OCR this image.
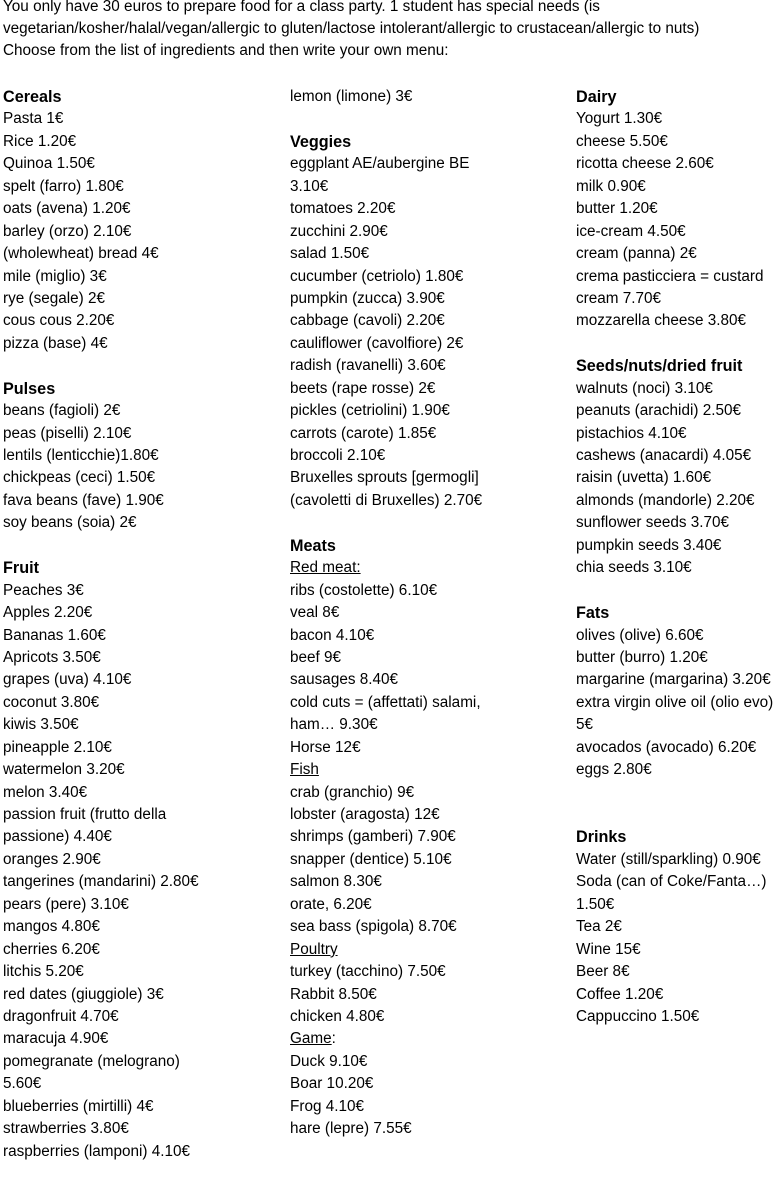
You only have 30 euros to prepare food for a class party. 1 student has special needs (is
vegetarian/kosher/halal/vegan/allergic to gluten/lactose intolerant/allergic to crustacean/allergic to nuts)
Choose from the list of ingredients and then write your own menu:
Cereals
Pasta 1€
Rice 1.20€
Quinoa 1.50€
spelt (farro) 1.80€
oats (avena) 1.20€
barley (orzo) 2.10€
(wholewheat) bread 4€
mile (miglio) 3€
rye (segale) 2€
cous cous 2.20€
pizza (base) 4€
Pulses
beans (fagioli) 2€
peas (piselli) 2.10€
lentils (lenticchie)1.80€
chickpeas (ceci) 1.50€
fava beans (fave) 1.90€
soy beans (soia) 2€
Fruit
Peaches 3€
Apples 2.20€
Bananas 1.60€
Apricots 3.50€
grapes (uva) 4.10€
coconut 3.80€
kiwis 3.50€
pineapple 2.10€
watermelon 3.20€
melon 3.40€
passion fruit (frutto della
passione) 4.40€
oranges 2.90€
tangerines (mandarini) 2.80€
pears (pere) 3.10€
mangos 4.80€
cherries 6.20€
litchis 5.20€
red dates (giuggiole) 3€
dragonfruit 4.70€
maracuja 4.90€
pomegranate (melograno)
5.60€
blueberries (mirtilli) 4€
strawberries 3.80€
raspberries (lamponi) 4.10€
lemon (limone) 3€
Veggies
eggplant AE/aubergine BE
3.10€
tomatoes 2.20€
zucchini 2.90€
salad 1.50€
cucumber (cetriolo) 1.80€
pumpkin (zucca) 3.90€
cabbage (cavoli) 2.20€
cauliflower (cavolfiore) 2€
radish (ravanelli) 3.60€
beets (rape rosse) 2€
pickles (cetriolini) 1.90€
carrots (carote) 1.85€
broccoli 2.10€
Bruxelles sprouts [germogli]
(cavoletti di Bruxelles) 2.70€
Meats
Red meat:
ribs (costolette) 6.10€
veal 8€
bacon 4.10€
beef 9€
sausages 8.40€
cold cuts = (affettati) salami,
ham… 9.30€
Horse 12€
Fish
crab (granchio) 9€
lobster (aragosta) 12€
shrimps (gamberi) 7.90€
snapper (dentice) 5.10€
salmon 8.30€
orate, 6.20€
sea bass (spigola) 8.70€
Poultry
turkey (tacchino) 7.50€
Rabbit 8.50€
chicken 4.80€
Game:
Duck 9.10€
Boar 10.20€
Frog 4.10€
hare (lepre) 7.55€
Dairy
Yogurt 1.30€
cheese 5.50€
ricotta cheese 2.60€
milk 0.90€
butter 1.20€
ice-cream 4.50€
cream (panna) 2€
crema pasticciera = custard
cream 7.70€
mozzarella cheese 3.80€
Seeds/nuts/dried fruit
walnuts (noci) 3.10€
peanuts (arachidi) 2.50€
pistachios 4.10€
cashews (anacardi) 4.05€
raisin (uvetta) 1.60€
almonds (mandorle) 2.20€
sunflower seeds 3.70€
pumpkin seeds 3.40€
chia seeds 3.10€
Fats
olives (olive) 6.60€
butter (burro) 1.20€
margarine (margarina) 3.20€
extra virgin olive oil (olio evo)
5€
avocados (avocado) 6.20€
eggs 2.80€
Drinks
Water (still/sparkling) 0.90€
Soda (can of Coke/Fanta…)
1.50€
Tea 2€
Wine 15€
Beer 8€
Coffee 1.20€
Cappuccino 1.50€
